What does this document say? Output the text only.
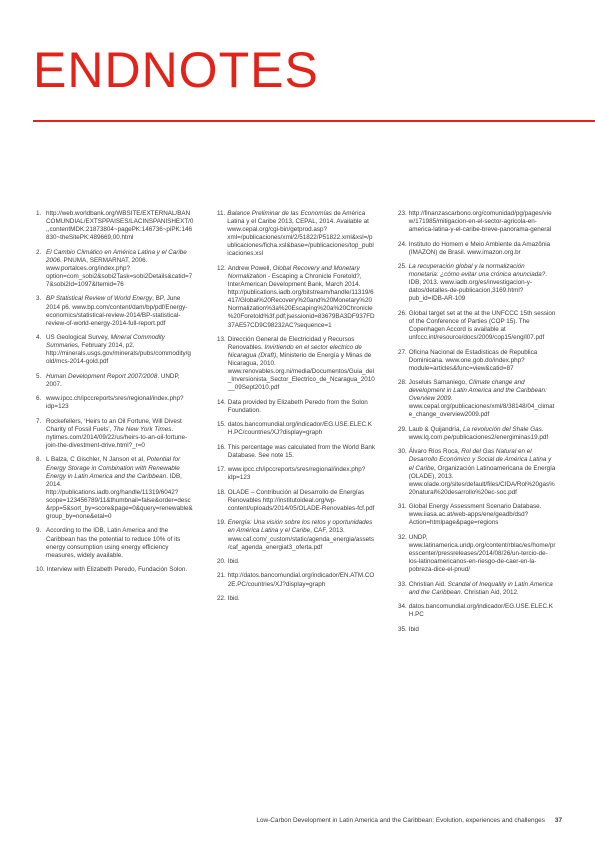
ENDNOTES
1. http://web.worldbank.org/WBSITE/EXTERNAL/BANCOMUNDIAL/EXTSPPAISES/LACINSPANISHEXT/0,,contentMDK:21873804~pagePK:146736~piPK:146830~theSitePK:489669,00.html
2. El Cambio Climático en América Latina y el Caribe 2006. PNUMA, SERMARNAT, 2006. www.portalces.org/index.php?option=com_sobi2&sobi2Task=sobi2Details&catid=77&sobi2Id=1097&Itemid=76
3. BP Statistical Review of World Energy, BP, June 2014 p6. www.bp.com/content/dam/bp/pdf/Energy-economics/statistical-review-2014/BP-statistical-review-of-world-energy-2014-full-report.pdf
4. US Geological Survey, Mineral Commodity Summaries, February 2014, p2. http://minerals.usgs.gov/minerals/pubs/commodity/gold/mcs-2014-gold.pdf
5. Human Development Report 2007/2008. UNDP, 2007.
6. www.ipcc.ch/ipccreports/sres/regional/index.php?idp=123
7. Rockefellers, ‘Heirs to an Oil Fortune, Will Divest Charity of Fossil Fuels’, The New York Times. nytimes.com/2014/09/22/us/heirs-to-an-oil-fortune-join-the-divestment-drive.html?_r=0
8. L Balza, C Gischler, N Janson et al, Potential for Energy Storage in Combination with Renewable Energy in Latin America and the Caribbean. IDB, 2014. http://publications.iadb.org/handle/11319/6042?scope=123456789/11&thumbnail=false&order=desc&rpp=5&sort_by=score&page=0&query=renewable&group_by=none&etal=0
9. According to the IDB, Latin America and the Caribbean has the potential to reduce 10% of its energy consumption using energy efficiency measures, widely available.
10. Interview with Elizabeth Peredo, Fundación Solon.
11. Balance Preliminar de las Economías de América Latina y el Caribe 2013, CEPAL, 2014. Available at www.cepal.org/cgi-bin/getprod.asp?xml=/publicaciones/xml/2/51822/P51822.xml&xsl=/publicaciones/ficha.xsl&base=/publicaciones/top_publicaciones.xsl
12. Andrew Powell, Global Recovery and Monetary Normalization - Escaping a Chronicle Foretold?, InterAmerican Development Bank, March 2014. http://publications.iadb.org/bitstream/handle/11319/6417/Global%20Recovery%20and%20Monetary%20Normalization%3a%20Escaping%20a%20Chronicle%20Foretold%3f.pdf;jsessionid=83679BA3DF937FD37AE57CD9C98232AC?sequence=1
13. Dirección General de Electricidad y Recursos Renovables. Invirtiendo en el sector electrico de Nicaragua (Draft), Ministerio de Energía y Minas de Nicaragua, 2010. www.renovables.org.ni/media/Documentos/Guia_del_Inversionista_Sector_Electrico_de_Ncaragua_2010__09Sept2010.pdf
14. Data provided by Elizabeth Peredo from the Solon Foundation.
15. datos.bancomundial.org/indicador/EG.USE.ELEC.KH.PC/countries/XJ?display=graph
16. This percentage was calculated from the World Bank Database. See note 15.
17. www.ipcc.ch/ipccreports/sres/regional/index.php?idp=123
18. OLADE – Contribución al Desarrollo de Energías Renovables http://institutoideal.org/wp-content/uploads/2014/05/OLADE-Renovables-fcf.pdf
19. Energía: Una visión sobre los retos y oportunidades en América Latina y el Caribe, CAF, 2013. www.caf.com/_custom/static/agenda_energia/assets/caf_agenda_energiat3_oferta.pdf
20. Ibid.
21. http://datos.bancomundial.org/indicador/EN.ATM.CO2E.PC/countries/XJ?display=graph
22. Ibid.
23. http://finanzascarbono.org/comunidad/pg/pages/view/171985/mitigacion-en-el-sector-agricola-en-america-latina-y-el-caribe-breve-panorama-general
24. Instituto do Homem e Meio Ambiente da Amazônia (IMAZON) de Brasil. www.imazon.org.br
25. La recuperación global y la normalización monetaria: ¿cómo evitar una crónica anunciada?. IDB, 2013. www.iadb.org/es/investigacion-y-datos/detalles-de-publicacion,3169.html?pub_id=IDB-AR-109
26. Global target set at the at the UNFCCC 15th session of the Conference of Parties (COP 15). The Copenhagen Accord is available at unfccc.int/resource/docs/2009/cop15/eng/l07.pdf
27. Oficina Nacional de Estadisticas de Republica Dominicana. www.one.gob.do/index.php?module=articles&func=view&catid=87
28. Joseluis Samaniego, Climate change and development in Latin America and the Caribbean: Overview 2009. www.cepal.org/publicaciones/xml/8/38148/04_climate_change_overview2009.pdf
29. Laub & Quijandría, La revolución del Shale Gas. www.lq.com.pe/publicaciones2/energiminas19.pdf
30. Álvaro Ríos Roca, Rol del Gas Natural en el Desarrollo Económico y Social de América Latina y el Caribe, Organización Latinoamericana de Energía (OLADE), 2013. www.olade.org/sites/default/files/CIDA/Rol%20gas%20natural%20desarrollo%20ec-soc.pdf
31. Global Energy Assessment Scenario Database. www.iiasa.ac.at/web-apps/ene/geadb/dsd?Action=htmlpage&page=regions
32. UNDP, www.latinamerica.undp.org/content/rblac/es/home/presscenter/pressreleases/2014/08/26/un-tercio-de-los-latinoamericanos-en-riesgo-de-caer-en-la-pobreza-dice-el-pnud/
33. Christian Aid. Scandal of Inequality in Latin America and the Caribbean. Christian Aid, 2012.
34. datos.bancomundial.org/indicador/EG.USE.ELEC.KH.PC
35. Ibid
Low-Carbon Development in Latin America and the Caribbean: Evolution, experiences and challenges 37
